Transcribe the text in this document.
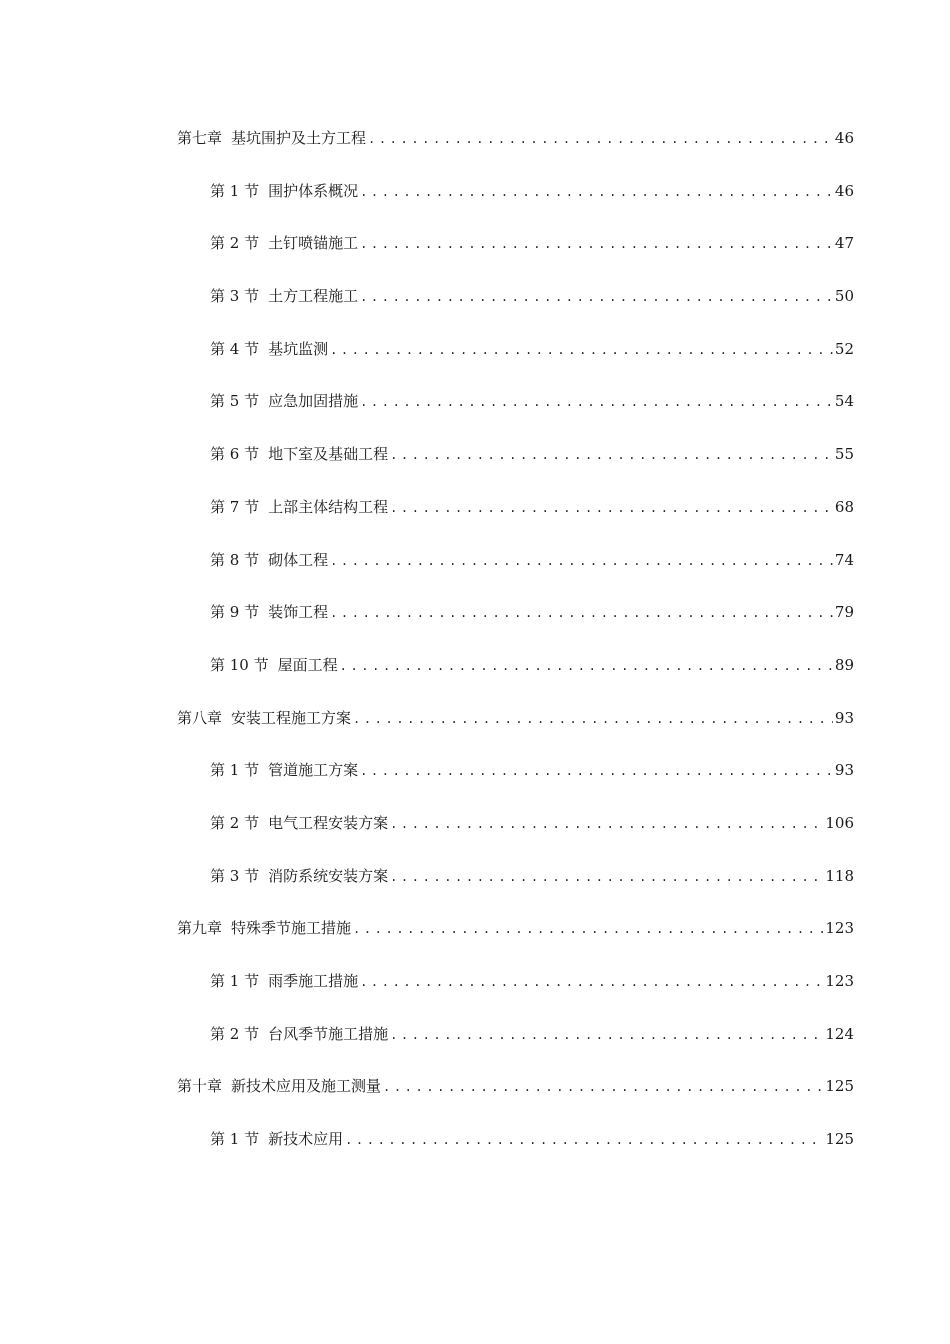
第七章 基坑围护及土方工程 .....	46
第 1 节 围护体系概况 .....	46
第 2 节 土钉喷锚施工 .....	47
第 3 节 土方工程施工 .....	50
第 4 节 基坑监测 .....	52
第 5 节 应急加固措施 .....	54
第 6 节 地下室及基础工程 .....	55
第 7 节 上部主体结构工程 .....	68
第 8 节 砌体工程 .....	74
第 9 节 装饰工程 .....	79
第 10 节 屋面工程 .....	89
第八章 安装工程施工方案 .....	93
第 1 节 管道施工方案 .....	93
第 2 节 电气工程安装方案 .....	106
第 3 节 消防系统安装方案 .....	118
第九章 特殊季节施工措施 .....	123
第 1 节 雨季施工措施 .....	123
第 2 节 台风季节施工措施 .....	124
第十章 新技术应用及施工测量 .....	125
第 1 节 新技术应用 .....	125
